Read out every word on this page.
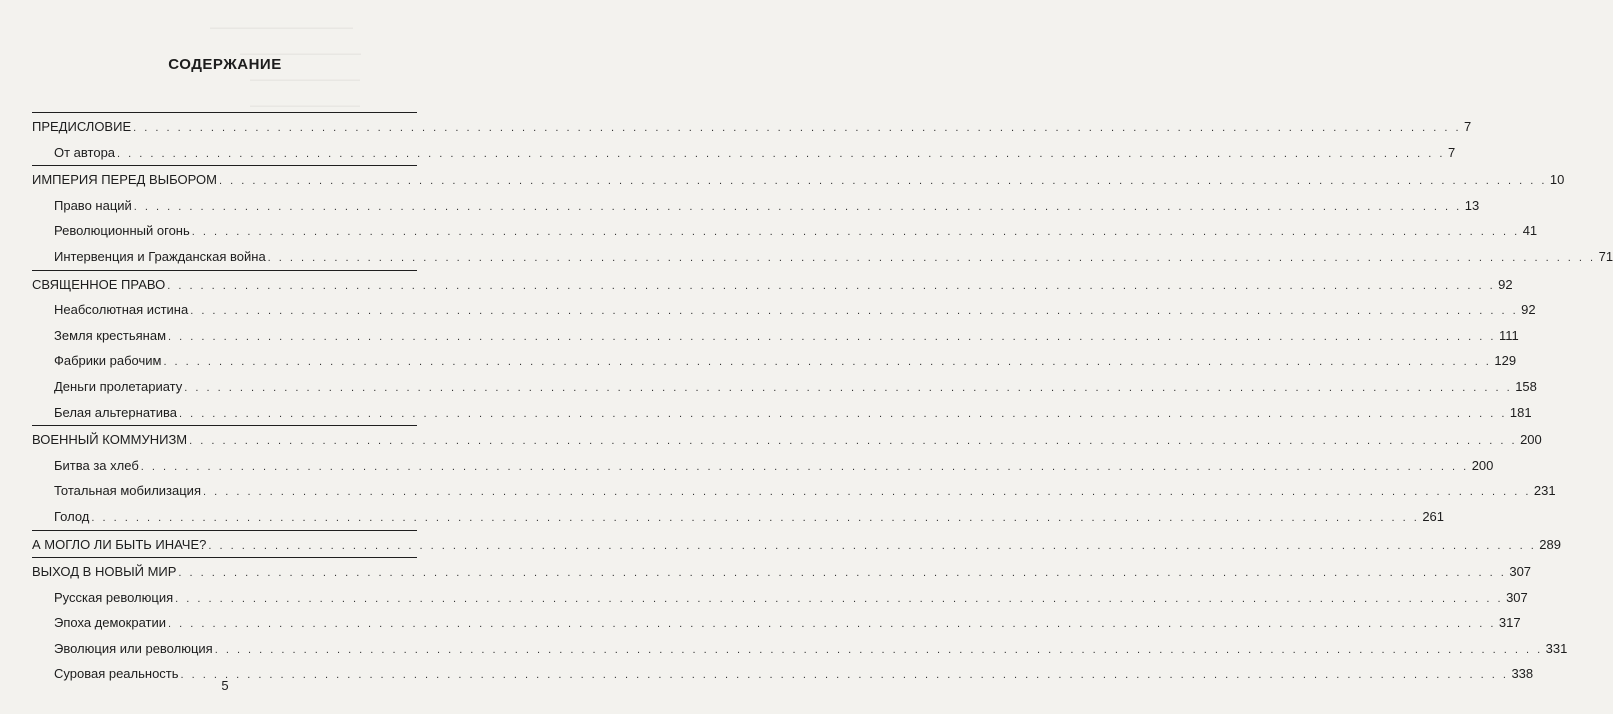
—————————————
———————————
——————————
——————————
СОДЕРЖАНИЕ
ПРЕДИСЛОВИЕ . . . . . . . . . . . . . . . . . . . . . . . . . . . . . . . . . . . . . . . . . . . . . . . . . . . . . . . . . . . . . . . . . . . . . . . . . . . . . . . . . . . . . . . . . . . . . . . . . . . . . . . . . . . . . . . . . . . . . . . . 7
От автора . . . . . . . . . . . . . . . . . . . . . . . . . . . . . . . . . . . . . . . . . . . . . . . . . . . . . . . . . . . . . . . . . . . . . . . . . . . . . . . . . . . . . . . . . . . . . . . . . . . . . . . . . . . . . . . . . . . . . . . . 7
ИМПЕРИЯ ПЕРЕД ВЫБОРОМ . . . . . . . . . . . . . . . . . . . . . . . . . . . . . . . . . . . . . . . . . . . . . . . . . . . . . . . . . . . . . . . . . . . . . . . . . . . . . . . . . . . . . . . . . . . . . . . . . . . . . . . . . . . . . . . . . . . . . . . . 10
Право наций . . . . . . . . . . . . . . . . . . . . . . . . . . . . . . . . . . . . . . . . . . . . . . . . . . . . . . . . . . . . . . . . . . . . . . . . . . . . . . . . . . . . . . . . . . . . . . . . . . . . . . . . . . . . . . . . . . . . . . . . 13
Революционный огонь . . . . . . . . . . . . . . . . . . . . . . . . . . . . . . . . . . . . . . . . . . . . . . . . . . . . . . . . . . . . . . . . . . . . . . . . . . . . . . . . . . . . . . . . . . . . . . . . . . . . . . . . . . . . . . . . . . . . . . . . 41
Интервенция и Гражданская война . . . . . . . . . . . . . . . . . . . . . . . . . . . . . . . . . . . . . . . . . . . . . . . . . . . . . . . . . . . . . . . . . . . . . . . . . . . . . . . . . . . . . . . . . . . . . . . . . . . . . . . . . . . . . . . . . . . . . . . . 71
СВЯЩЕННОЕ ПРАВО . . . . . . . . . . . . . . . . . . . . . . . . . . . . . . . . . . . . . . . . . . . . . . . . . . . . . . . . . . . . . . . . . . . . . . . . . . . . . . . . . . . . . . . . . . . . . . . . . . . . . . . . . . . . . . . . . . . . . . . . 92
Неабсолютная истина . . . . . . . . . . . . . . . . . . . . . . . . . . . . . . . . . . . . . . . . . . . . . . . . . . . . . . . . . . . . . . . . . . . . . . . . . . . . . . . . . . . . . . . . . . . . . . . . . . . . . . . . . . . . . . . . . . . . . . . . 92
Земля крестьянам . . . . . . . . . . . . . . . . . . . . . . . . . . . . . . . . . . . . . . . . . . . . . . . . . . . . . . . . . . . . . . . . . . . . . . . . . . . . . . . . . . . . . . . . . . . . . . . . . . . . . . . . . . . . . . . . . . . . . . . . 111
Фабрики рабочим . . . . . . . . . . . . . . . . . . . . . . . . . . . . . . . . . . . . . . . . . . . . . . . . . . . . . . . . . . . . . . . . . . . . . . . . . . . . . . . . . . . . . . . . . . . . . . . . . . . . . . . . . . . . . . . . . . . . . . . . 129
Деньги пролетариату . . . . . . . . . . . . . . . . . . . . . . . . . . . . . . . . . . . . . . . . . . . . . . . . . . . . . . . . . . . . . . . . . . . . . . . . . . . . . . . . . . . . . . . . . . . . . . . . . . . . . . . . . . . . . . . . . . . . . . . . 158
Белая альтернатива . . . . . . . . . . . . . . . . . . . . . . . . . . . . . . . . . . . . . . . . . . . . . . . . . . . . . . . . . . . . . . . . . . . . . . . . . . . . . . . . . . . . . . . . . . . . . . . . . . . . . . . . . . . . . . . . . . . . . . . . 181
ВОЕННЫЙ КОММУНИЗМ . . . . . . . . . . . . . . . . . . . . . . . . . . . . . . . . . . . . . . . . . . . . . . . . . . . . . . . . . . . . . . . . . . . . . . . . . . . . . . . . . . . . . . . . . . . . . . . . . . . . . . . . . . . . . . . . . . . . . . . . 200
Битва за хлеб . . . . . . . . . . . . . . . . . . . . . . . . . . . . . . . . . . . . . . . . . . . . . . . . . . . . . . . . . . . . . . . . . . . . . . . . . . . . . . . . . . . . . . . . . . . . . . . . . . . . . . . . . . . . . . . . . . . . . . . . 200
Тотальная мобилизация . . . . . . . . . . . . . . . . . . . . . . . . . . . . . . . . . . . . . . . . . . . . . . . . . . . . . . . . . . . . . . . . . . . . . . . . . . . . . . . . . . . . . . . . . . . . . . . . . . . . . . . . . . . . . . . . . . . . . . . . 231
Голод . . . . . . . . . . . . . . . . . . . . . . . . . . . . . . . . . . . . . . . . . . . . . . . . . . . . . . . . . . . . . . . . . . . . . . . . . . . . . . . . . . . . . . . . . . . . . . . . . . . . . . . . . . . . . . . . . . . . . . . . 261
А МОГЛО ЛИ БЫТЬ ИНАЧЕ? . . . . . . . . . . . . . . . . . . . . . . . . . . . . . . . . . . . . . . . . . . . . . . . . . . . . . . . . . . . . . . . . . . . . . . . . . . . . . . . . . . . . . . . . . . . . . . . . . . . . . . . . . . . . . . . . . . . . . . . . 289
ВЫХОД В НОВЫЙ МИР . . . . . . . . . . . . . . . . . . . . . . . . . . . . . . . . . . . . . . . . . . . . . . . . . . . . . . . . . . . . . . . . . . . . . . . . . . . . . . . . . . . . . . . . . . . . . . . . . . . . . . . . . . . . . . . . . . . . . . . . 307
Русская революция . . . . . . . . . . . . . . . . . . . . . . . . . . . . . . . . . . . . . . . . . . . . . . . . . . . . . . . . . . . . . . . . . . . . . . . . . . . . . . . . . . . . . . . . . . . . . . . . . . . . . . . . . . . . . . . . . . . . . . . . 307
Эпоха демократии . . . . . . . . . . . . . . . . . . . . . . . . . . . . . . . . . . . . . . . . . . . . . . . . . . . . . . . . . . . . . . . . . . . . . . . . . . . . . . . . . . . . . . . . . . . . . . . . . . . . . . . . . . . . . . . . . . . . . . . . 317
Эволюция или революция . . . . . . . . . . . . . . . . . . . . . . . . . . . . . . . . . . . . . . . . . . . . . . . . . . . . . . . . . . . . . . . . . . . . . . . . . . . . . . . . . . . . . . . . . . . . . . . . . . . . . . . . . . . . . . . . . . . . . . . . 331
Суровая реальность . . . . . . . . . . . . . . . . . . . . . . . . . . . . . . . . . . . . . . . . . . . . . . . . . . . . . . . . . . . . . . . . . . . . . . . . . . . . . . . . . . . . . . . . . . . . . . . . . . . . . . . . . . . . . . . . . . . . . . . . 338
5
